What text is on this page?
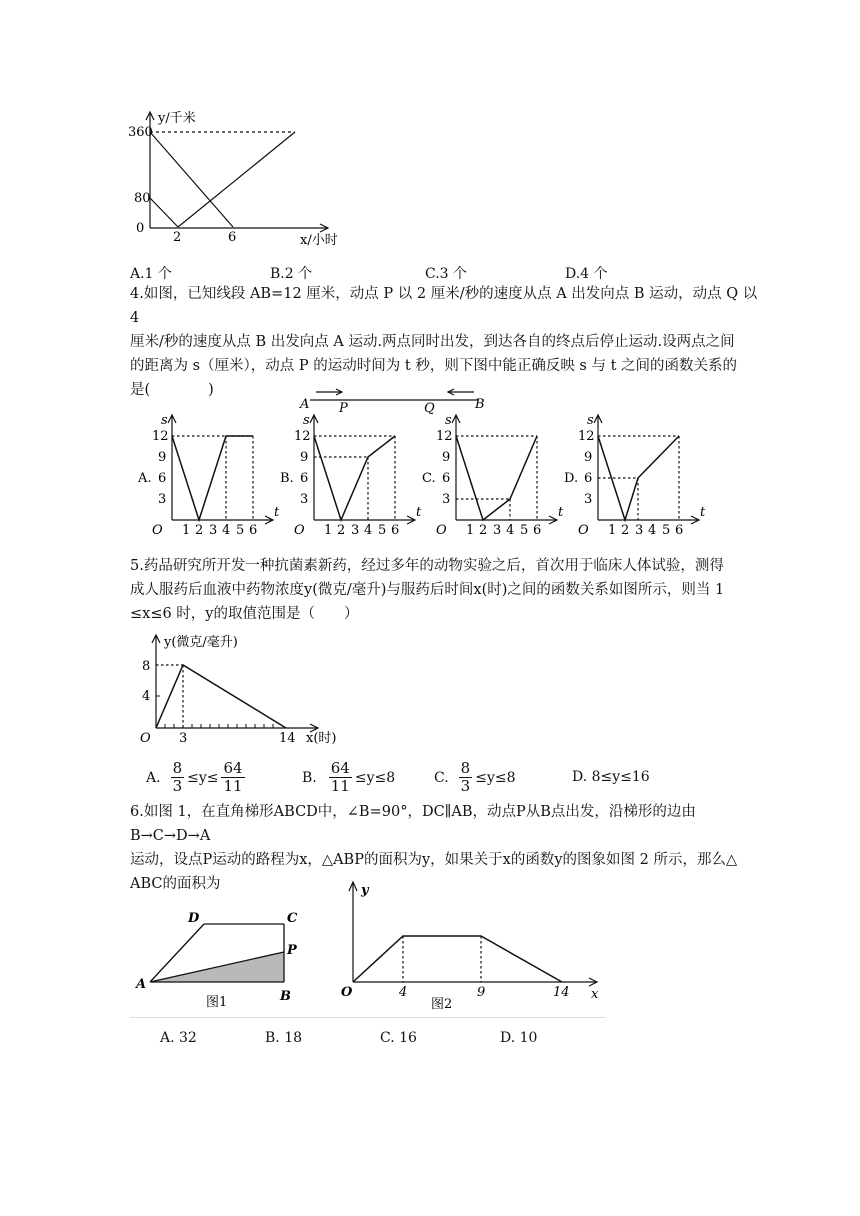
y/千米
360
80
0
2	6	x/小时
A.1 个	B.2 个	C.3 个	D.4 个
4.如图，已知线段 AB=12 厘米，动点 P 以 2 厘米/秒的速度从点 A 出发向点 B 运动，动点 Q 以 4
厘米/秒的速度从点 B 出发向点 A 运动.两点同时出发，到达各自的终点后停止运动.设两点之间
的距离为 s（厘米），动点 P 的运动时间为 t 秒，则下图中能正确反映 s 与 t 之间的函数关系的
是(　　　　)
A P	Q	B
s
t
O
A.
12
9
6
3
1 2 3 4 5 6
s
t
O
B.
12
9
6
3
1 2 3 4 5 6
s
t
O
C.
12
9
6
3
1 2 3 4 5 6
s
t
O
D.
12
9
6
3
1 2 3 4 5 6
5.药品研究所开发一种抗菌素新药，经过多年的动物实验之后，首次用于临床人体试验，测得
成人服药后血液中药物浓度y(微克/毫升)与服药后时间x(时)之间的函数关系如图所示，则当 1
≤x≤6 时，y的取值范围是（　　）
y(微克/毫升)
8
4
O 3	14 x(时)
A. $\frac{8}{3} \le y\le \frac{64}{11}$	B. $\frac{64}{11} \le y\le 8$	C. $\frac{8}{3} \le y\le 8$	D. 8≤y≤16
6.如图 1，在直角梯形ABCD中，∠B=90°，DC∥AB，动点P从B点出发，沿梯形的边由B→C→D→A
运动，设点P运动的路程为x，△ABP的面积为y，如果关于x的函数y的图象如图 2 所示，那么△
ABC的面积为
D	C
P
A
B
图1
y
O	4	9	14 x
图2
A. 32	B. 18	C. 16	D. 10
